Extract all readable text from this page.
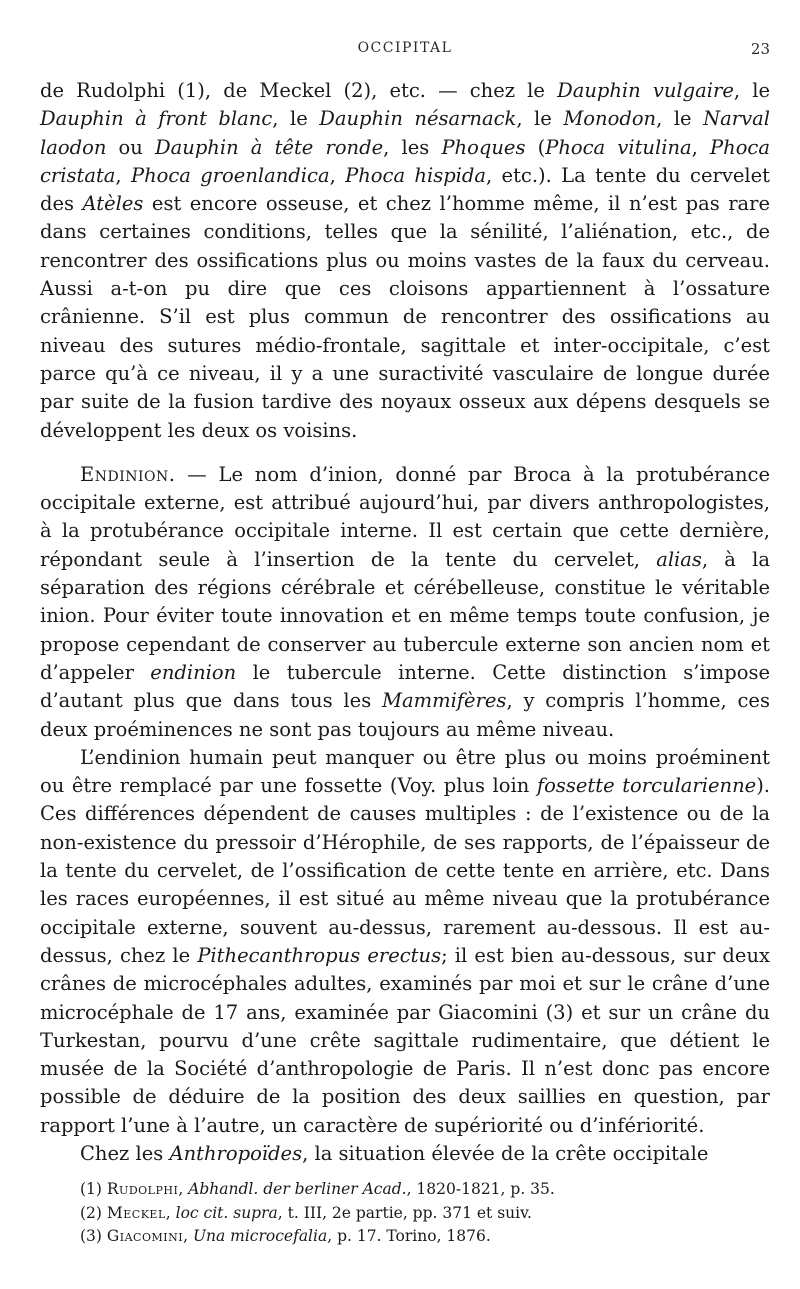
OCCIPITAL	23

de Rudolphi (1), de Meckel (2), etc. — chez le Dauphin vulgaire, le Dauphin à front blanc, le Dauphin nésarnack, le Monodon, le Narval laodon ou Dauphin à tête ronde, les Phoques (Phoca vitulina, Phoca cristata, Phoca groenlandica, Phoca hispida, etc.). La tente du cervelet des Atèles est encore osseuse, et chez l’homme même, il n’est pas rare dans certaines conditions, telles que la sénilité, l’aliénation, etc., de rencontrer des ossifications plus ou moins vastes de la faux du cerveau. Aussi a-t-on pu dire que ces cloisons appartiennent à l’ossature crânienne. S’il est plus commun de rencontrer des ossifications au niveau des sutures médio-frontale, sagittale et inter-occipitale, c’est parce qu’à ce niveau, il y a une suractivité vasculaire de longue durée par suite de la fusion tardive des noyaux osseux aux dépens desquels se développent les deux os voisins.

Endinion. — Le nom d’inion, donné par Broca à la protubérance occipitale externe, est attribué aujourd’hui, par divers anthropologistes, à la protubérance occipitale interne. Il est certain que cette dernière, répondant seule à l’insertion de la tente du cervelet, alias, à la séparation des régions cérébrale et cérébelleuse, constitue le véritable inion. Pour éviter toute innovation et en même temps toute confusion, je propose cependant de conserver au tubercule externe son ancien nom et d’appeler endinion le tubercule interne. Cette distinction s’impose d’autant plus que dans tous les Mammifères, y compris l’homme, ces deux proéminences ne sont pas toujours au même niveau.

L’endinion humain peut manquer ou être plus ou moins proéminent ou être remplacé par une fossette (Voy. plus loin fossette torcularienne). Ces différences dépendent de causes multiples : de l’existence ou de la non-existence du pressoir d’Hérophile, de ses rapports, de l’épaisseur de la tente du cervelet, de l’ossification de cette tente en arrière, etc. Dans les races européennes, il est situé au même niveau que la protubérance occipitale externe, souvent au-dessus, rarement au-dessous. Il est au-dessus, chez le Pithecanthropus erectus; il est bien au-dessous, sur deux crânes de microcéphales adultes, examinés par moi et sur le crâne d’une microcéphale de 17 ans, examinée par Giacomini (3) et sur un crâne du Turkestan, pourvu d’une crête sagittale rudimentaire, que détient le musée de la Société d’anthropologie de Paris. Il n’est donc pas encore possible de déduire de la position des deux saillies en question, par rapport l’une à l’autre, un caractère de supériorité ou d’infériorité.

Chez les Anthropoïdes, la situation élevée de la crête occipitale

(1) Rudolphi, Abhandl. der berliner Acad., 1820-1821, p. 35.

(2) Meckel, loc cit. supra, t. III, 2e partie, pp. 371 et suiv.

(3) Giacomini, Una microcefalia, p. 17. Torino, 1876.
